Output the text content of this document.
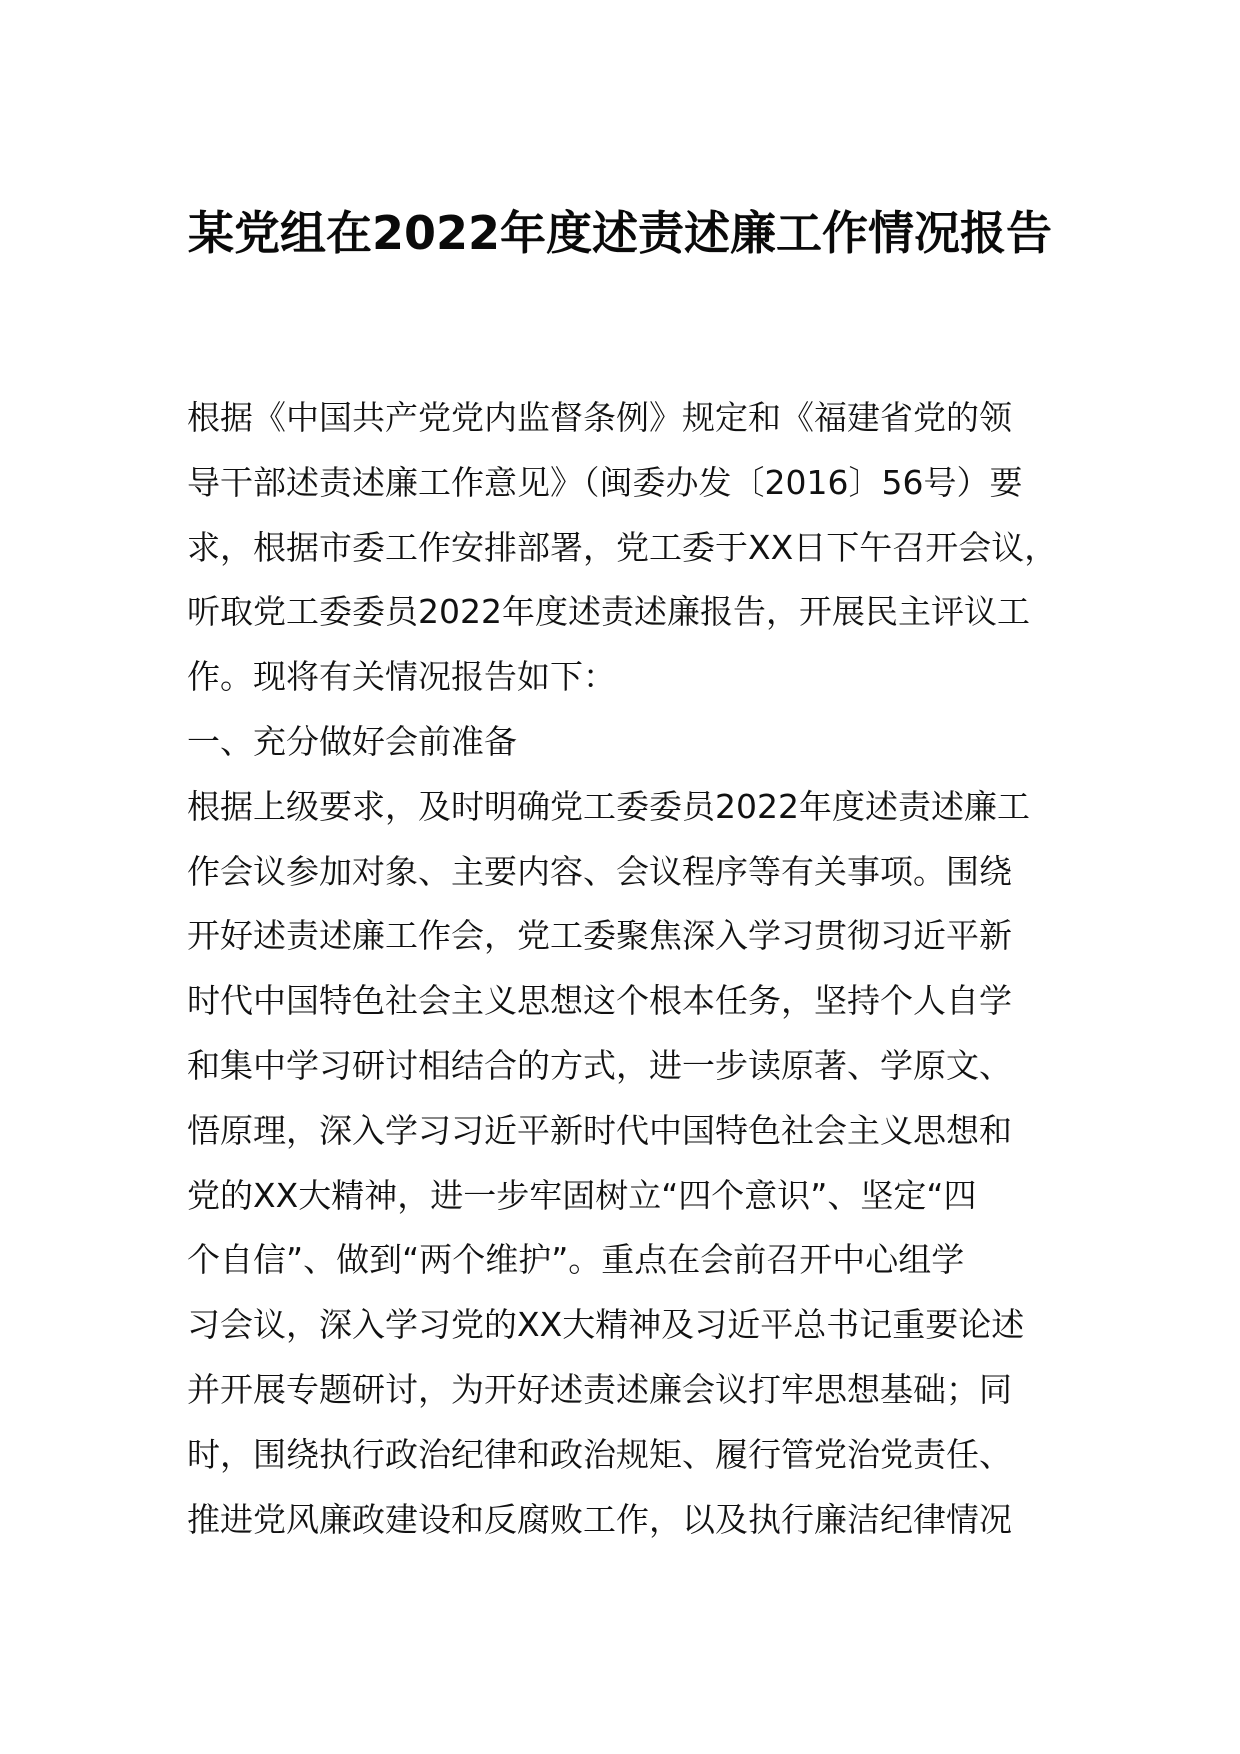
某党组在2022年度述责述廉工作情况报告
根据《中国共产党党内监督条例》规定和《福建省党的领
导干部述责述廉工作意见》（闽委办发〔2016〕56号）要
求，根据市委工作安排部署，党工委于XX日下午召开会议，
听取党工委委员2022年度述责述廉报告，开展民主评议工
作。现将有关情况报告如下：
一、充分做好会前准备
根据上级要求，及时明确党工委委员2022年度述责述廉工
作会议参加对象、主要内容、会议程序等有关事项。围绕
开好述责述廉工作会，党工委聚焦深入学习贯彻习近平新
时代中国特色社会主义思想这个根本任务，坚持个人自学
和集中学习研讨相结合的方式，进一步读原著、学原文、
悟原理，深入学习习近平新时代中国特色社会主义思想和
党的XX大精神，进一步牢固树立“四个意识”、坚定“四
个自信”、做到“两个维护”。重点在会前召开中心组学
习会议，深入学习党的XX大精神及习近平总书记重要论述
并开展专题研讨，为开好述责述廉会议打牢思想基础；同
时，围绕执行政治纪律和政治规矩、履行管党治党责任、
推进党风廉政建设和反腐败工作，以及执行廉洁纪律情况
